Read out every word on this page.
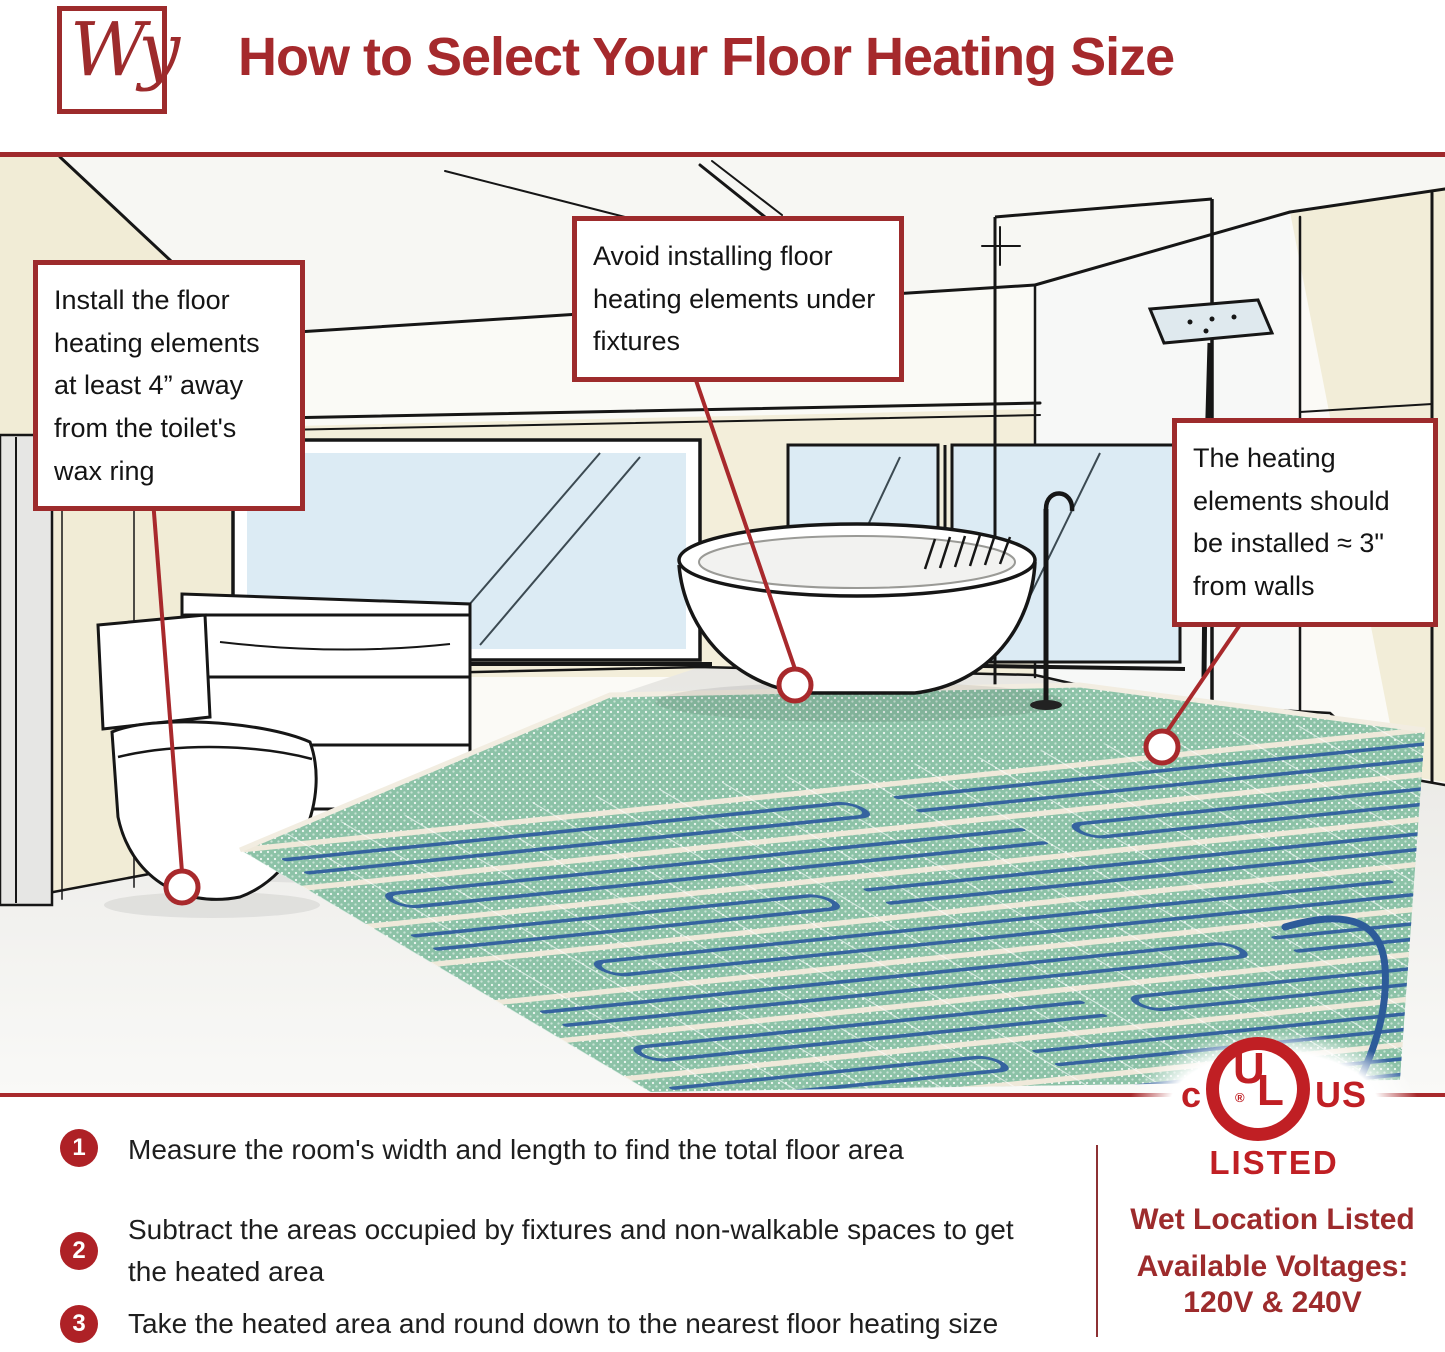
Wy How to Select Your Floor Heating Size
Install the floor heating elements at least 4” away from the toilet's wax ring
Avoid installing floor heating elements under fixtures
The heating elements should be installed ≈ 3" from walls
1	Measure the room's width and length to find the total floor area
2
Subtract the areas occupied by fixtures and non-walkable spaces to get the heated area
3	Take the heated area and round down to the nearest floor heating size
c
U
L
® US
LISTED
Wet Location Listed
Available Voltages:
120V & 240V
